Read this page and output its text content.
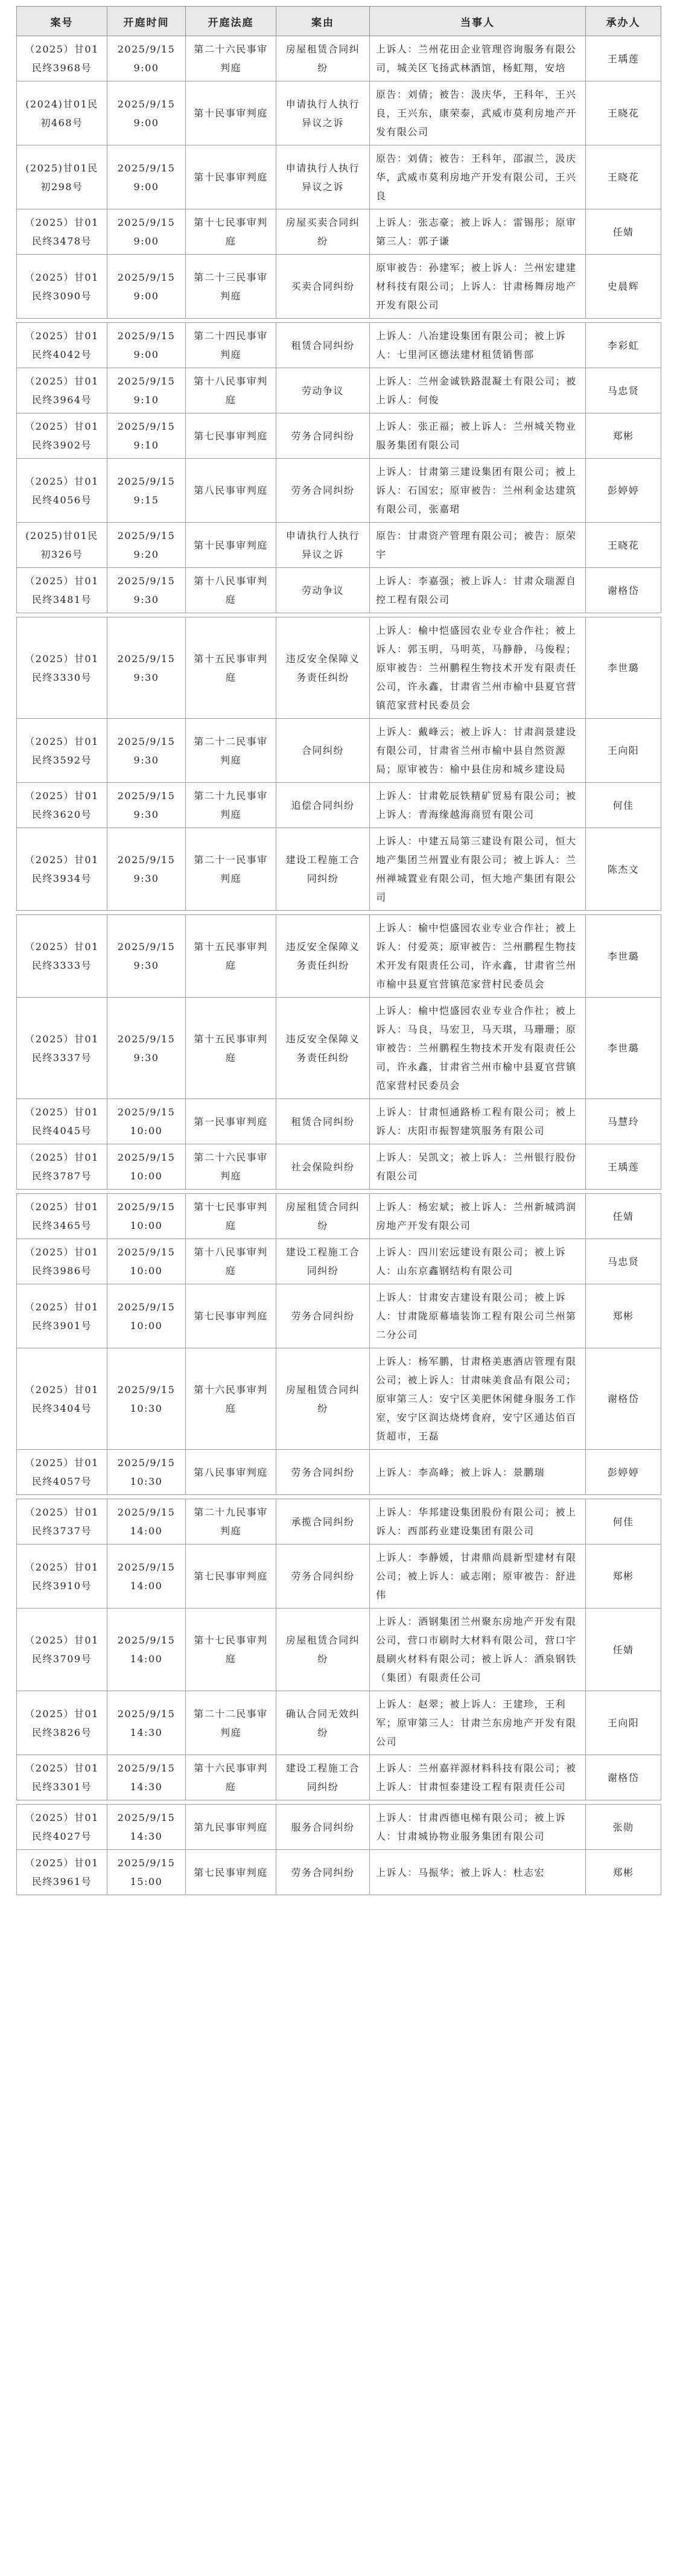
案号	开庭时间	开庭法庭	案由	当事人	承办人
（2025）甘01民终3968号	2025/9/15 9:00	第二十六民事审判庭	房屋租赁合同纠纷	上诉人：兰州花田企业管理咨询服务有限公司，城关区飞扬武林酒馆，杨虹翔，安培	王瑀莲
(2024)甘01民初468号	2025/9/15 9:00	第十民事审判庭	申请执行人执行异议之诉	原告：刘倩；被告：汲庆华，王科年，王兴良，王兴东，康荣泰，武威市莫利房地产开发有限公司	王晓花
(2025)甘01民初298号	2025/9/15 9:00	第十民事审判庭	申请执行人执行异议之诉	原告：刘倩；被告：王科年，邵淑兰，汲庆华，武威市莫利房地产开发有限公司，王兴良	王晓花
（2025）甘01民终3478号	2025/9/15 9:00	第十七民事审判庭	房屋买卖合同纠纷	上诉人：张志豪；被上诉人：雷锡彤；原审第三人：郭子谦	任婧
（2025）甘01民终3090号	2025/9/15 9:00	第二十三民事审判庭	买卖合同纠纷	原审被告：孙建军；被上诉人：兰州宏建建材科技有限公司；上诉人：甘肃杨舞房地产开发有限公司	史晨辉

（2025）甘01民终4042号	2025/9/15 9:00	第二十四民事审判庭	租赁合同纠纷	上诉人：八冶建设集团有限公司；被上诉人：七里河区德法建材租赁销售部	李彩虹
（2025）甘01民终3964号	2025/9/15 9:10	第十八民事审判庭	劳动争议	上诉人：兰州金诚铁路混凝土有限公司；被上诉人：何俊	马忠贤
（2025）甘01民终3902号	2025/9/15 9:10	第七民事审判庭	劳务合同纠纷	上诉人：张正福；被上诉人：兰州城关物业服务集团有限公司	郑彬
（2025）甘01民终4056号	2025/9/15 9:15	第八民事审判庭	劳务合同纠纷	上诉人：甘肃第三建设集团有限公司；被上诉人：石国宏；原审被告：兰州利金达建筑有限公司，张嘉珺	彭婷婷
(2025)甘01民初326号	2025/9/15 9:20	第十民事审判庭	申请执行人执行异议之诉	原告：甘肃资产管理有限公司；被告：原荣宇	王晓花
（2025）甘01民终3481号	2025/9/15 9:30	第十八民事审判庭	劳动争议	上诉人：李嘉强；被上诉人：甘肃众瑞源自控工程有限公司	谢格岱

（2025）甘01民终3330号	2025/9/15 9:30	第十五民事审判庭	违反安全保障义务责任纠纷	上诉人：榆中恺盛园农业专业合作社；被上诉人：郭玉明，马明英，马静静，马俊程；原审被告：兰州鹏程生物技术开发有限责任公司，许永鑫，甘肃省兰州市榆中县夏官营镇范家营村民委员会	李世璐
（2025）甘01民终3592号	2025/9/15 9:30	第二十二民事审判庭	合同纠纷	上诉人：戴峰云；被上诉人：甘肃润景建设有限公司，甘肃省兰州市榆中县自然资源局；原审被告：榆中县住房和城乡建设局	王向阳
（2025）甘01民终3620号	2025/9/15 9:30	第二十九民事审判庭	追偿合同纠纷	上诉人：甘肃乾辰铁精矿贸易有限公司；被上诉人：青海缘越海商贸有限公司	何佳
（2025）甘01民终3934号	2025/9/15 9:30	第二十一民事审判庭	建设工程施工合同纠纷	上诉人：中建五局第三建设有限公司，恒大地产集团兰州置业有限公司；被上诉人：兰州禅城置业有限公司，恒大地产集团有限公司	陈杰文

（2025）甘01民终3333号	2025/9/15 9:30	第十五民事审判庭	违反安全保障义务责任纠纷	上诉人：榆中恺盛园农业专业合作社；被上诉人：付爱英；原审被告：兰州鹏程生物技术开发有限责任公司，许永鑫，甘肃省兰州市榆中县夏官营镇范家营村民委员会	李世璐
（2025）甘01民终3337号	2025/9/15 9:30	第十五民事审判庭	违反安全保障义务责任纠纷	上诉人：榆中恺盛园农业专业合作社；被上诉人：马良，马宏卫，马天琪，马珊珊；原审被告：兰州鹏程生物技术开发有限责任公司，许永鑫，甘肃省兰州市榆中县夏官营镇范家营村民委员会	李世璐
（2025）甘01民终4045号	2025/9/15 10:00	第一民事审判庭	租赁合同纠纷	上诉人：甘肃恒通路桥工程有限公司；被上诉人：庆阳市振智建筑服务有限公司	马慧玲
（2025）甘01民终3787号	2025/9/15 10:00	第二十六民事审判庭	社会保险纠纷	上诉人：吴凯文；被上诉人：兰州银行股份有限公司	王瑀莲

（2025）甘01民终3465号	2025/9/15 10:00	第十七民事审判庭	房屋租赁合同纠纷	上诉人：杨宏斌；被上诉人：兰州新城鸿润房地产开发有限公司	任婧
（2025）甘01民终3986号	2025/9/15 10:00	第十八民事审判庭	建设工程施工合同纠纷	上诉人：四川宏远建设有限公司；被上诉人：山东京鑫钢结构有限公司	马忠贤
（2025）甘01民终3901号	2025/9/15 10:00	第七民事审判庭	劳务合同纠纷	上诉人：甘肃安吉建设有限公司；被上诉人：甘肃陇原幕墙装饰工程有限公司兰州第二分公司	郑彬
（2025）甘01民终3404号	2025/9/15 10:30	第十六民事审判庭	房屋租赁合同纠纷	上诉人：杨军鹏，甘肃格美惠酒店管理有限公司；被上诉人：甘肃味美食品有限公司；原审第三人：安宁区美肥休闲健身服务工作室，安宁区润达烧烤食府，安宁区通达佰百货超市，王磊	谢格岱
（2025）甘01民终4057号	2025/9/15 10:30	第八民事审判庭	劳务合同纠纷	上诉人：李高峰；被上诉人：景鹏瑞	彭婷婷

（2025）甘01民终3737号	2025/9/15 14:00	第二十九民事审判庭	承揽合同纠纷	上诉人：华邦建设集团股份有限公司；被上诉人：西部药业建设集团有限公司	何佳
（2025）甘01民终3910号	2025/9/15 14:00	第七民事审判庭	劳务合同纠纷	上诉人：李静媛，甘肃鼎尚晨新型建材有限公司；被上诉人：戚志刚；原审被告：舒进伟	郑彬
（2025）甘01民终3709号	2025/9/15 14:00	第十七民事审判庭	房屋租赁合同纠纷	上诉人：酒钢集团兰州聚东房地产开发有限公司，营口市刷时大材料有限公司，营口宇晨刷火材料有限公司；被上诉人：酒泉钢铁（集团）有限责任公司	任婧
（2025）甘01民终3826号	2025/9/15 14:30	第二十二民事审判庭	确认合同无效纠纷	上诉人：赵翠；被上诉人：王建珍，王利军；原审第三人：甘肃兰东房地产开发有限公司	王向阳
（2025）甘01民终3301号	2025/9/15 14:30	第十六民事审判庭	建设工程施工合同纠纷	上诉人：兰州嘉祥源材料科技有限公司；被上诉人：甘肃恒泰建设工程有限责任公司	谢格岱

（2025）甘01民终4027号	2025/9/15 14:30	第九民事审判庭	服务合同纠纷	上诉人：甘肃西德电梯有限公司；被上诉人：甘肃城协物业服务集团有限公司	张勋
（2025）甘01民终3961号	2025/9/15 15:00	第七民事审判庭	劳务合同纠纷	上诉人：马振华；被上诉人：杜志宏	郑彬
